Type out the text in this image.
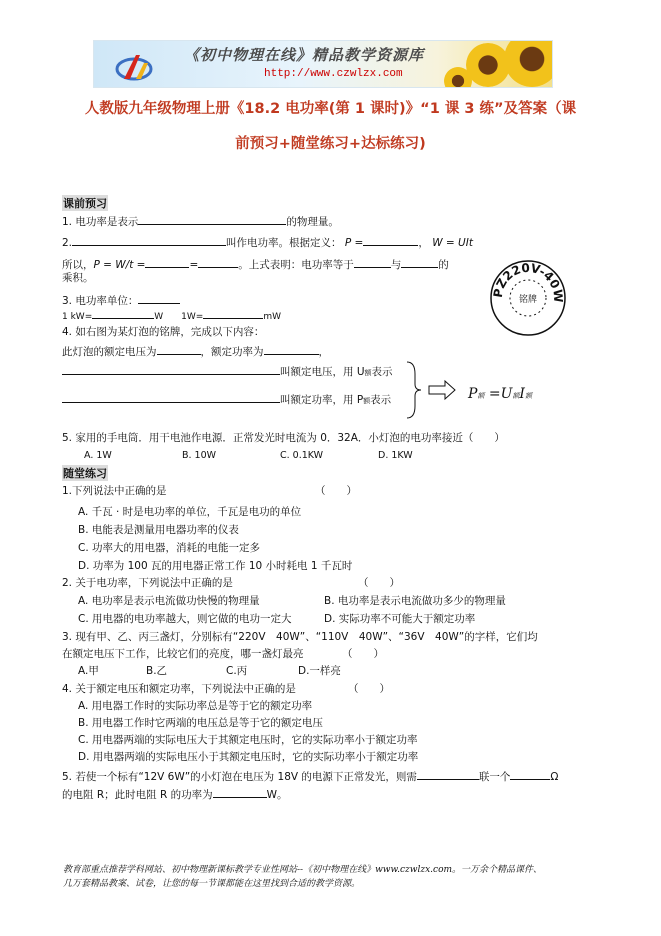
《初中物理在线》精品教学资源库
http://www.czwlzx.com
人教版九年级物理上册《18.2 电功率(第 1 课时)》“1 课 3 练”及答案（课
前预习+随堂练习+达标练习)
课前预习
1. 电功率是表示	的物理量。
2.	叫作电功率。根据定义： P =	， W = UIt
所以，P = W/t =	=	。上式表明：电功率等于	与	的
乘积。
3. 电功率单位：
1 kW=	W　　1W=	mW
4. 如右图为某灯泡的铭牌，完成以下内容：
此灯泡的额定电压为	，额定功率为	，
叫额定电压，用 U额表示
叫额定功率，用 P额表示	P额 =U额I额
PZ220V-40W
铭牌
5. 家用的手电筒．用干电池作电源．正常发光时电流为 0．32A．小灯泡的电功率接近（　　）
A. 1W	B. 10W	C. 0.1KW	D. 1KW
随堂练习
1.下列说法中正确的是	（　　）
A. 千瓦 · 时是电功率的单位，千瓦是电功的单位
B. 电能表是测量用电器功率的仪表
C. 功率大的用电器，消耗的电能一定多
D. 功率为 100 瓦的用电器正常工作 10 小时耗电 1 千瓦时
2. 关于电功率，下列说法中正确的是	（　　）
A. 电功率是表示电流做功快慢的物理量	B. 电功率是表示电流做功多少的物理量
C. 用电器的电功率越大，则它做的电功一定大	D. 实际功率不可能大于额定功率
3. 现有甲、乙、丙三盏灯，分别标有“220V　40W”、“110V　40W”、“36V　40W”的字样，它们均
在额定电压下工作，比较它们的亮度，哪一盏灯最亮	（　　）
A.甲	B.乙	C.丙	D.一样亮
4. 关于额定电压和额定功率，下列说法中正确的是	（　　）
A. 用电器工作时的实际功率总是等于它的额定功率
B. 用电器工作时它两端的电压总是等于它的额定电压
C. 用电器两端的实际电压大于其额定电压时，它的实际功率小于额定功率
D. 用电器两端的实际电压小于其额定电压时，它的实际功率小于额定功率
5. 若使一个标有“12V 6W”的小灯泡在电压为 18V 的电源下正常发光，则需	联一个	Ω
的电阻 R；此时电阻 R 的功率为	W。
教育部重点推荐学科网站、初中物理新课标教学专业性网站--《初中物理在线》www.czwlzx.com。一万余个精品课件、
几万套精品教案、试卷，让您的每一节课都能在这里找到合适的教学资源。
